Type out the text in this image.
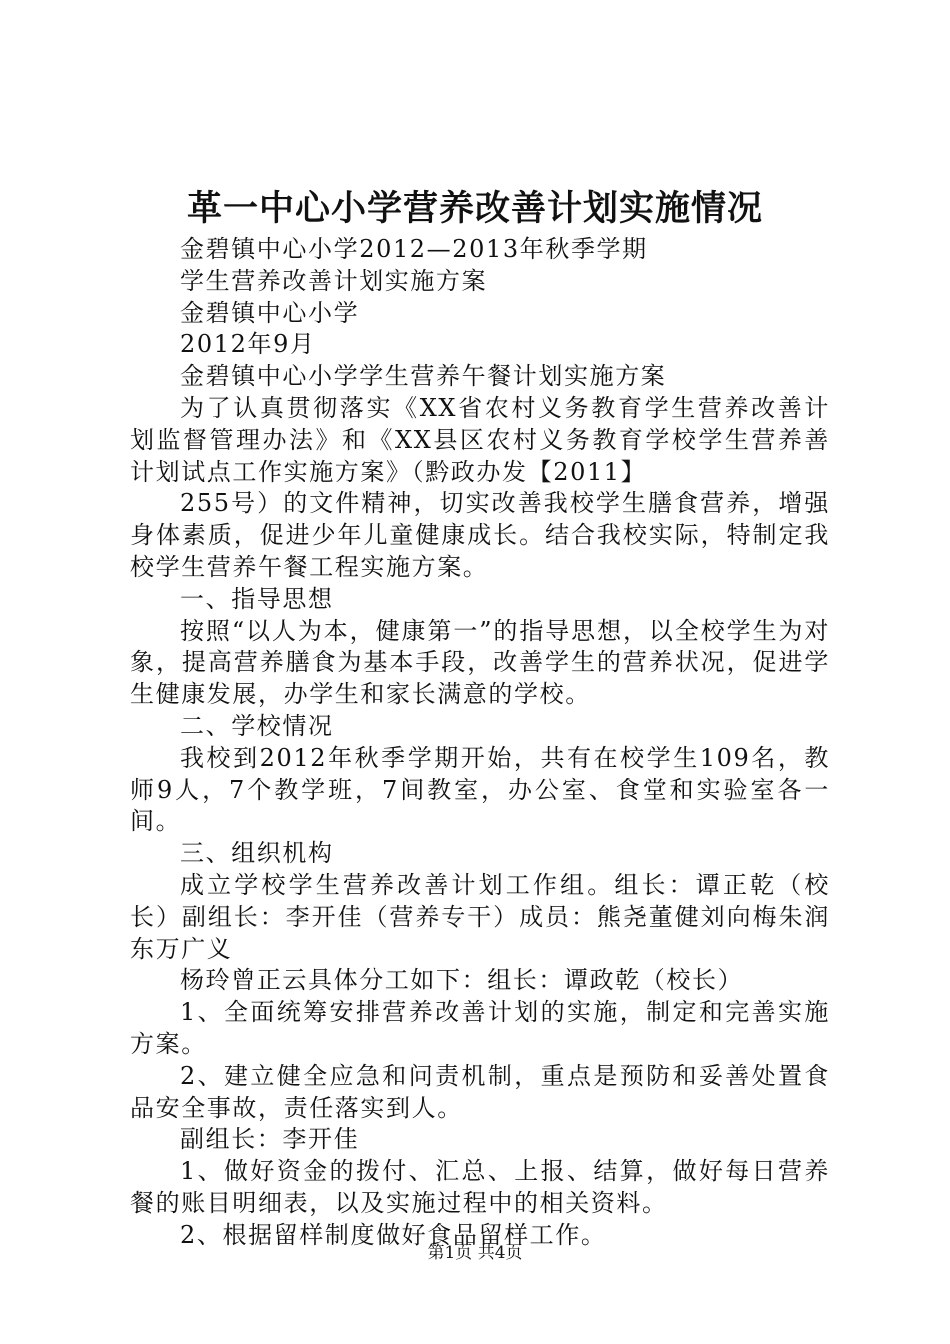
革一中心小学营养改善计划实施情况
金碧镇中心小学2012—2013年秋季学期
学生营养改善计划实施方案
金碧镇中心小学
2012年9月
金碧镇中心小学学生营养午餐计划实施方案

为了认真贯彻落实《XX省农村义务教育学生营养改善计划监督管理办法》和《XX县区农村义务教育学校学生营养善计划试点工作实施方案》（黔政办发【2011】

255号）的文件精神，切实改善我校学生膳食营养，增强身体素质，促进少年儿童健康成长。结合我校实际，特制定我校学生营养午餐工程实施方案。

一、指导思想

按照“以人为本，健康第一”的指导思想，以全校学生为对象，提高营养膳食为基本手段，改善学生的营养状况，促进学生健康发展，办学生和家长满意的学校。

二、学校情况

我校到2012年秋季学期开始，共有在校学生109名，教师9人，7个教学班，7间教室，办公室、食堂和实验室各一间。

三、组织机构

成立学校学生营养改善计划工作组。组长：谭正乾（校长）副组长：李开佳（营养专干）成员：熊尧董健刘向梅朱润东万广义

杨玲曾正云具体分工如下：组长：谭政乾（校长）

1、全面统筹安排营养改善计划的实施，制定和完善实施方案。

2、建立健全应急和问责机制，重点是预防和妥善处置食品安全事故，责任落实到人。

副组长：李开佳

1、做好资金的拨付、汇总、上报、结算，做好每日营养餐的账目明细表，以及实施过程中的相关资料。

2、根据留样制度做好食品留样工作。

第1页 共4页
